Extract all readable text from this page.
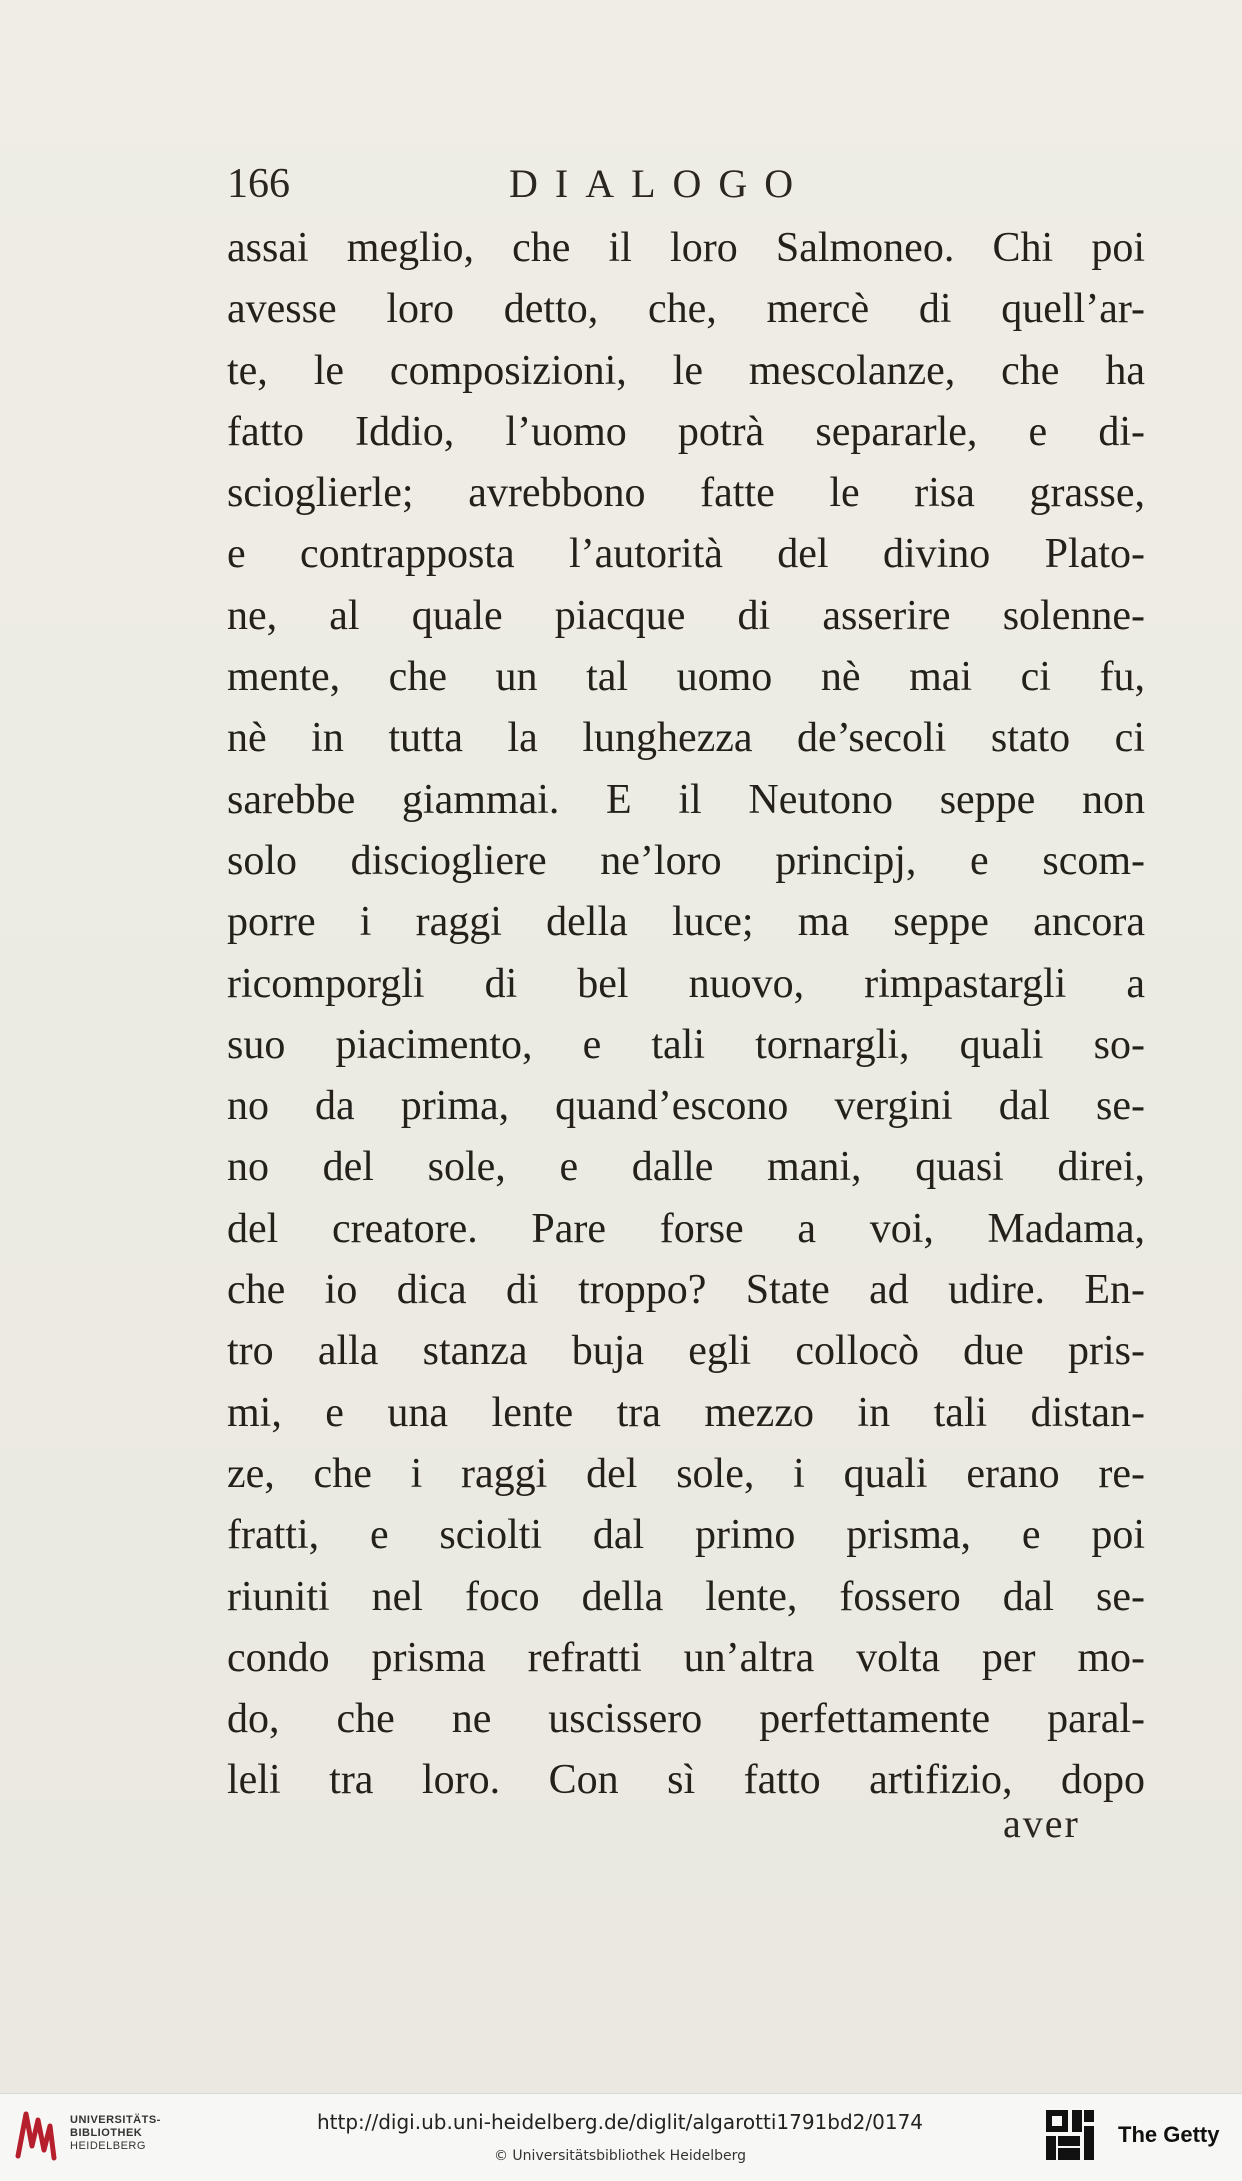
166	DIALOGO
assai meglio, che il loro Salmoneo. Chi poi
avesse loro detto, che, mercè di quell’ar-
te, le composizioni, le mescolanze, che ha
fatto Iddio, l’uomo potrà separarle, e di-
scioglierle; avrebbono fatte le risa grasse,
e contrapposta l’autorità del divino Plato-
ne, al quale piacque di asserire solenne-
mente, che un tal uomo nè mai ci fu,
nè in tutta la lunghezza de’secoli stato ci
sarebbe giammai. E il Neutono seppe non
solo disciogliere ne’loro principj, e scom-
porre i raggi della luce; ma seppe ancora
ricomporgli di bel nuovo, rimpastargli a
suo piacimento, e tali tornargli, quali so-
no da prima, quand’escono vergini dal se-
no del sole, e dalle mani, quasi direi,
del creatore. Pare forse a voi, Madama,
che io dica di troppo? State ad udire. En-
tro alla stanza buja egli collocò due pris-
mi, e una lente tra mezzo in tali distan-
ze, che i raggi del sole, i quali erano re-
fratti, e sciolti dal primo prisma, e poi
riuniti nel foco della lente, fossero dal se-
condo prisma refratti un’altra volta per mo-
do, che ne uscissero perfettamente paral-
leli tra loro. Con sì fatto artifizio, dopo
aver
UNIVERSITÄTS-
BIBLIOTHEK
HEIDELBERG
http://digi.ub.uni-heidelberg.de/diglit/algarotti1791bd2/0174
© Universitätsbibliothek Heidelberg
The Getty
